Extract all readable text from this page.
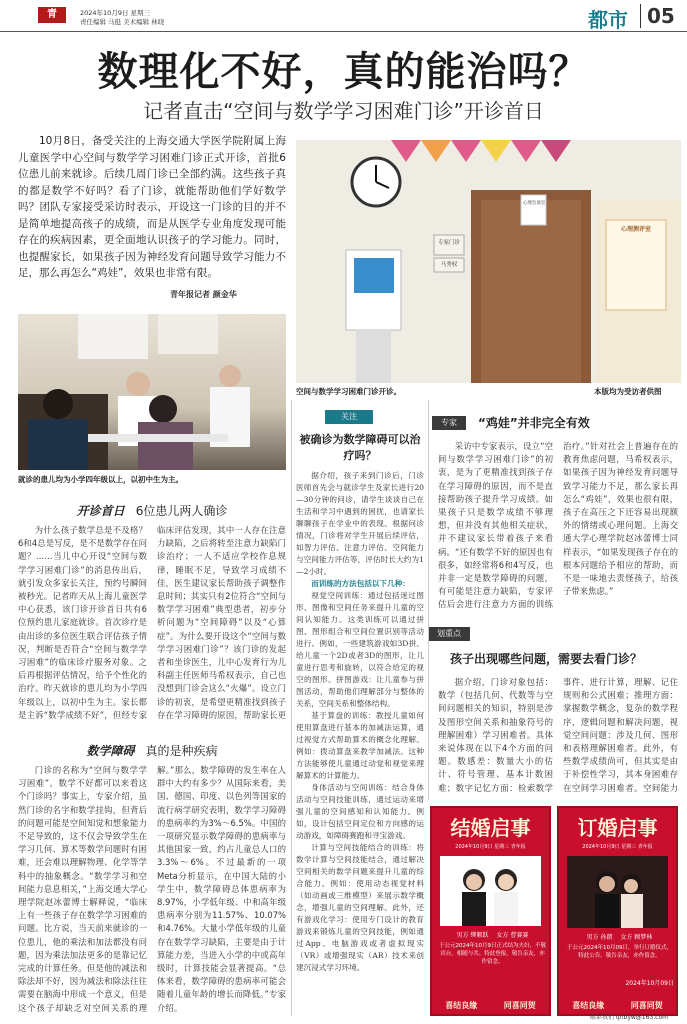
青	2024年10月9日 星期三
责任编辑 马挺 美术编辑 林晓	都市 05
数理化不好，真的能治吗？
记者直击“空间与数学学习困难门诊”开诊首日
10月8日，备受关注的上海交通大学医学院附属上海儿童医学中心空间与数学学习困难门诊正式开诊，首批6位患儿前来就诊。后续几周门诊已全部约满。这些孩子真的都是数学不好吗？看了门诊，就能帮助他们学好数学吗？团队专家接受采访时表示，开设这一门诊的目的并不是简单地提高孩子的成绩，而是从医学专业角度发现可能存在的疾病因素，更全面地认识孩子的学习能力。同时，也提醒家长，如果孩子因为神经发育问题导致学习能力不足，那么再怎么“鸡娃”，效果也非常有限。
青年报记者 颜金华
就诊的患儿均为小学四年级以上，以初中生为主。
专家门诊
马秀权
心理会谈室
心理测评室
空间与数学学习困难门诊开诊。	本版均为受访者供图
开诊首日 6位患儿两人确诊

为什么孩子数学总是不及格？6和4总是写反，是不是数学存在问题？……当儿中心开设“空间与数学学习困难门诊”的消息传出后，就引发众多家长关注，预约号瞬间被秒光。记者昨天从上海儿童医学中心获悉，该门诊开诊首日共有6位预约患儿家庭就诊。首次诊疗是由出诊的多位医生联合评估孩子情况，判断是否符合“空间与数学学习困难”的临床诊疗服务对象。之后再根据评估情况，给予个性化的治疗。昨天就诊的患儿均为小学四年级以上，以初中生为主。家长都是主诉“数学成绩不好”，但经专家临床评估发现，其中一人存在注意力缺陷，之后将转至注意力缺陷门诊治疗；一人不适应学校作息规律，睡眠不足，导致学习成绩不佳，医生建议家长帮助孩子调整作息时间；其实只有2位符合“空间与数学学习困难”典型患者，初步分析问题为“空间障碍”以及“心算症”。为什么要开设这个“空间与数学学习困难门诊”？该门诊的发起者和坐诊医生，儿中心发育行为儿科副主任医师马希权表示，自己也没想到门诊会这么“火爆”。设立门诊的初衷，是希望更精准找到孩子存在学习障碍的原因，帮助家长更

数学障碍 真的是种疾病

门诊的名称为“空间与数学学习困难”，数学不好都可以来看这个门诊吗？事实上，专家介绍，虽然门诊的名字和数学挂钩，但背后的问题可能是空间知觉和想象能力不足导致的，这不仅会导致学生在学习几何、算术等数学问题时有困难，还会难以理解物理、化学等学科中的抽象概念。“数学学习和空间能力息息相关，”上海交通大学心理学院赵冰蕾博士解释说，“临床上有一些孩子存在数学学习困难的问题。比方说，当天前来就诊的一位患儿，他的乘法和加法都没有问题，因为乘法加法更多的是靠记忆完成的计算任务。但是他的减法和除法却不好，因为减法和除法往往需要在脑海中形成一个意义，但是这个孩子却缺乏对空间关系的理解。”那么，数学障碍的发生率在人群中大约有多少？从国际来看，美国、德国、印度、以色列等国家的流行病学研究表明，数学学习障碍的患病率约为3%～6.5%。中国的一项研究显示数学障碍的患病率与其他国家一致，约占儿童总人口的3.3%～6%。不过最新的一项Meta分析显示，在中国大陆的小学生中，数学障碍总体患病率为8.97%，小学低年级、中和高年级患病率分别为11.57%、10.07%和4.76%。大量小学低年级的儿童存在数学学习缺陷，主要是由于计算能力差，当进入小学的中或高年级时，计算技能会显著提高。“总体来看，数学障碍的患病率可能会随着儿童年龄的增长而降低。”专家介绍。

关注
被确诊为数学障碍可以治疗吗？

据介绍，孩子来到门诊后，门诊医师首先会与就诊学生及家长进行20—30分钟的问诊，请学生谈谈自己在生活和学习中遇到的困扰，也请家长聊聊孩子在学业中的表现。根据问诊情况，门诊将对学生开展后续评估，如智力评估、注意力评估、空间能力与空间能力评估等，评估时长大约为1—2小时。

而训练的方法包括以下几种：

视觉空间训练：通过包括迷过图形、图像和空间任务来提升儿童的空间认知能力。这类训练可以通过拼图、图形组合和空间位置识别等活动进行。例如，一些建筑游戏如3D拼、给儿童一个2D或者3D的图形，让儿童进行思考和旋转，以符合给定的视空的图形。拼图游戏：让儿童参与拼图活动，帮助他们理解部分与整体的关系，空间关系和整体结构。

基于算盘的训练：教授儿童如何使用算盘进行基本的加减法运算，通过视觉方式帮助算术的概念化理解。例如：拨动算盘来教学加减法。这种方法能够使儿童通过动觉和视觉来理解算术的计算能力。

身体活动与空间训练：结合身体活动与空间技能训练，通过运动来增强儿童的空间感知和认知能力。例如，设计包括空间定位和方向感的运动游戏，如障碍赛跑和寻宝游戏。

计算与空间技能结合的训练：将数学计算与空间技能结合，通过解决空间相关的数学问题来提升儿童的综合能力。例如：使用动态视觉材料（如动画或三维模型）来展示数学概念，增强儿童的空间理解。此外，还有游戏化学习：使用专门设计的教育游戏来锻炼儿童的空间技能，例如通过App、电脑游戏或者虚拟现实（VR）或增强现实（AR）技术来创建沉浸式学习环境。

专家	“鸡娃”并非完全有效

采访中专家表示，设立“空间与数学学习困难门诊”的初衷，是为了更精准找到孩子存在学习障碍的原因，而不是直接帮助孩子提升学习成绩。如果孩子只是数学成绩不够理想，但并没有其他相关症状，并不建议家长带着孩子来看病。“还有数学不好的原因也有很多，如经常将6和4写反，也并非一定是数学障碍的问题，有可能是注意力缺陷，专家评估后会进行注意力方面的训练治疗。”针对社会上普遍存在的教育焦虑问题，马希权表示，如果孩子因为神经发育问题导致学习能力不足，那么家长再怎么“鸡娃”，效果也很有限，孩子在高压之下还容易出现额外的情绪或心理问题。上海交通大学心理学院赵冰蕾博士同样表示，“如果发现孩子存在的根本问题给予相应的帮助，而不是一味地去责怪孩子，给孩子带来焦虑。”

划重点
孩子出现哪些问题，需要去看门诊？

据介绍，门诊对象包括：数学（包括几何、代数等与空间问题相关的知识，特别是涉及图形空间关系和抽象符号的理解困难）学习困难者。具体来说体现在以下4个方面的问题。数感差：数量大小的估计、符号管理、基本计数困难；数字记忆方面：检索数学事件、进行计算，理解、记住规则和公式困难；推理方面：掌握数学概念，复杂的数学程序，逻辑问题和解决问题，视觉空间问题：涉及几何、图形和表格理解困难者。此外，有些数学成绩尚可，但其实是由于补偿性学习，其本身困难存在空间学习困难者。空间能力

结婚启事
2024年10月9日 星期三 青年报
男方 缪顺跃 女方 曹赛赛
于公元2024年10月9日正式结为夫妇，不敬宾台，相随与共。特此登报，敬告亲友，亦作留念。
喜结良缘	同喜同贺
订婚启事
2024年10月9日 星期三 青年报
男方 孙朗 女方 顾梦林
于公元2024年10月09日，举行订婚仪式，特此公告。敬告亲友，亦作留念。
2024年10月09日
喜结良缘	同喜同贺
联系我们 qnbyw@163.com
